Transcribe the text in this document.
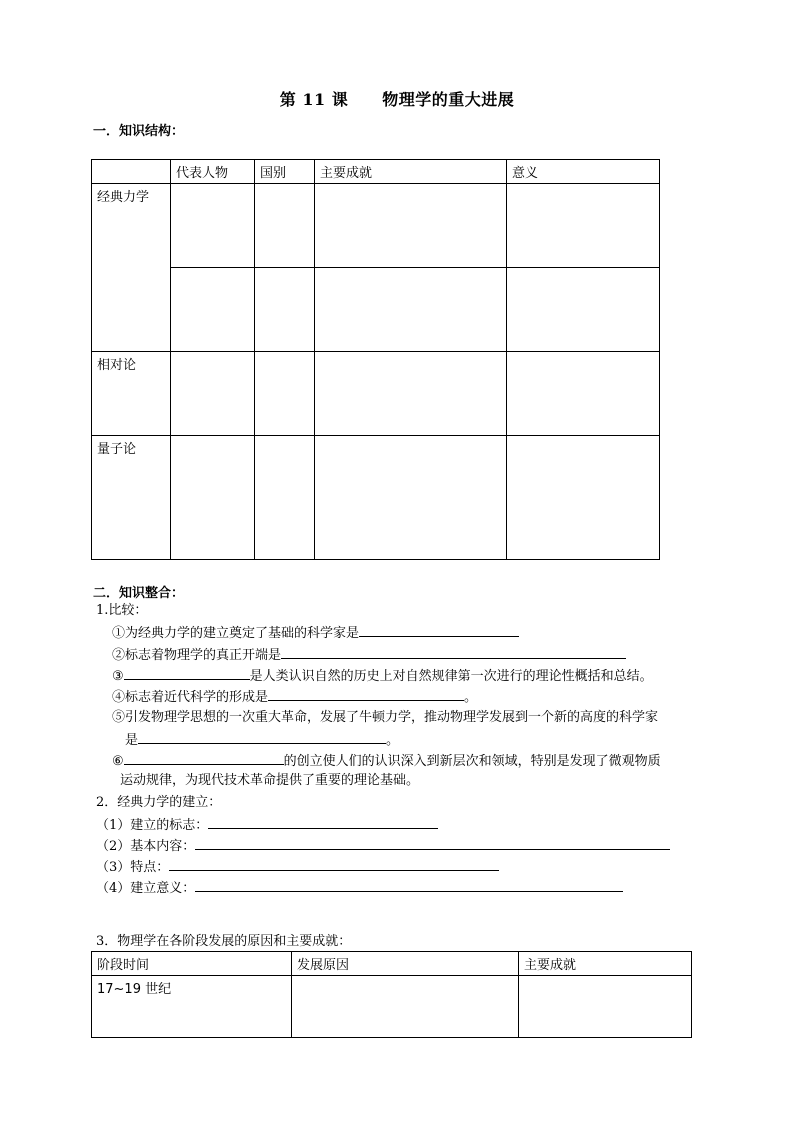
第 11 课 物理学的重大进展
一．知识结构：
	代表人物	国别	主要成就	意义
经典力学				

相对论				
量子论				
二．知识整合：
1.比较：
①为经典力学的建立奠定了基础的科学家是
②标志着物理学的真正开端是
③	是人类认识自然的历史上对自然规律第一次进行的理论性概括和总结。
④标志着近代科学的形成是	。
⑤引发物理学思想的一次重大革命，发展了牛顿力学，推动物理学发展到一个新的高度的科学家
是	。
⑥	的创立使人们的认识深入到新层次和领域，特别是发现了微观物质
运动规律，为现代技术革命提供了重要的理论基础。
2．经典力学的建立：
（1）建立的标志：
（2）基本内容：
（3）特点：
（4）建立意义：
3．物理学在各阶段发展的原因和主要成就：
阶段时间	发展原因	主要成就
17~19 世纪		
